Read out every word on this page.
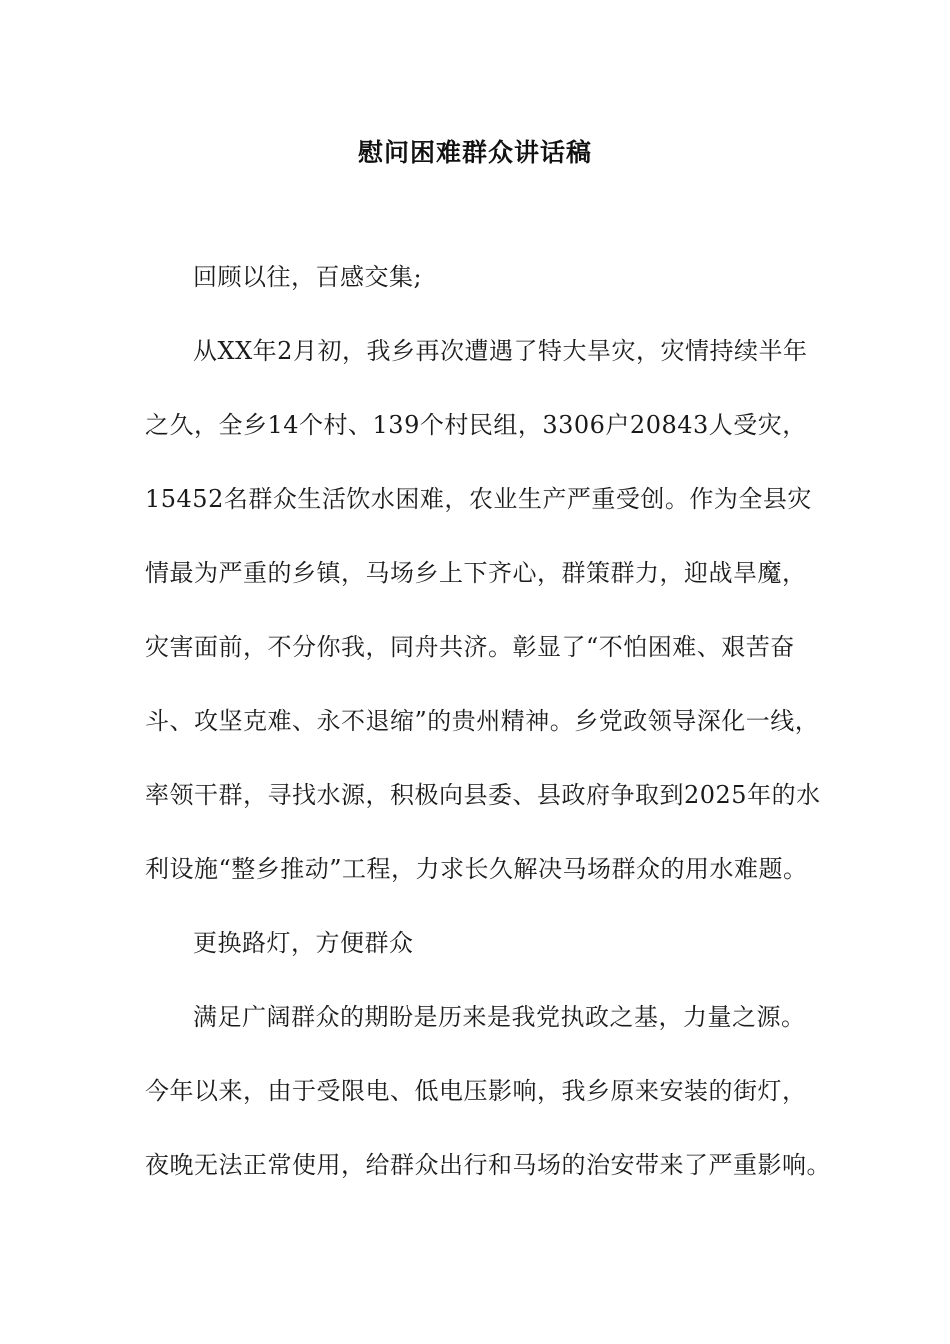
慰问困难群众讲话稿
回顾以往，百感交集;
从XX年2月初，我乡再次遭遇了特大旱灾，灾情持续半年
之久，全乡14个村、139个村民组，3306户20843人受灾，
15452名群众生活饮水困难，农业生产严重受创。作为全县灾
情最为严重的乡镇，马场乡上下齐心，群策群力，迎战旱魔，
灾害面前，不分你我，同舟共济。彰显了“不怕困难、艰苦奋
斗、攻坚克难、永不退缩”的贵州精神。乡党政领导深化一线，
率领干群，寻找水源，积极向县委、县政府争取到2025年的水
利设施“整乡推动”工程，力求长久解决马场群众的用水难题。
更换路灯，方便群众
满足广阔群众的期盼是历来是我党执政之基，力量之源。
今年以来，由于受限电、低电压影响，我乡原来安装的街灯，
夜晚无法正常使用，给群众出行和马场的治安带来了严重影响。
